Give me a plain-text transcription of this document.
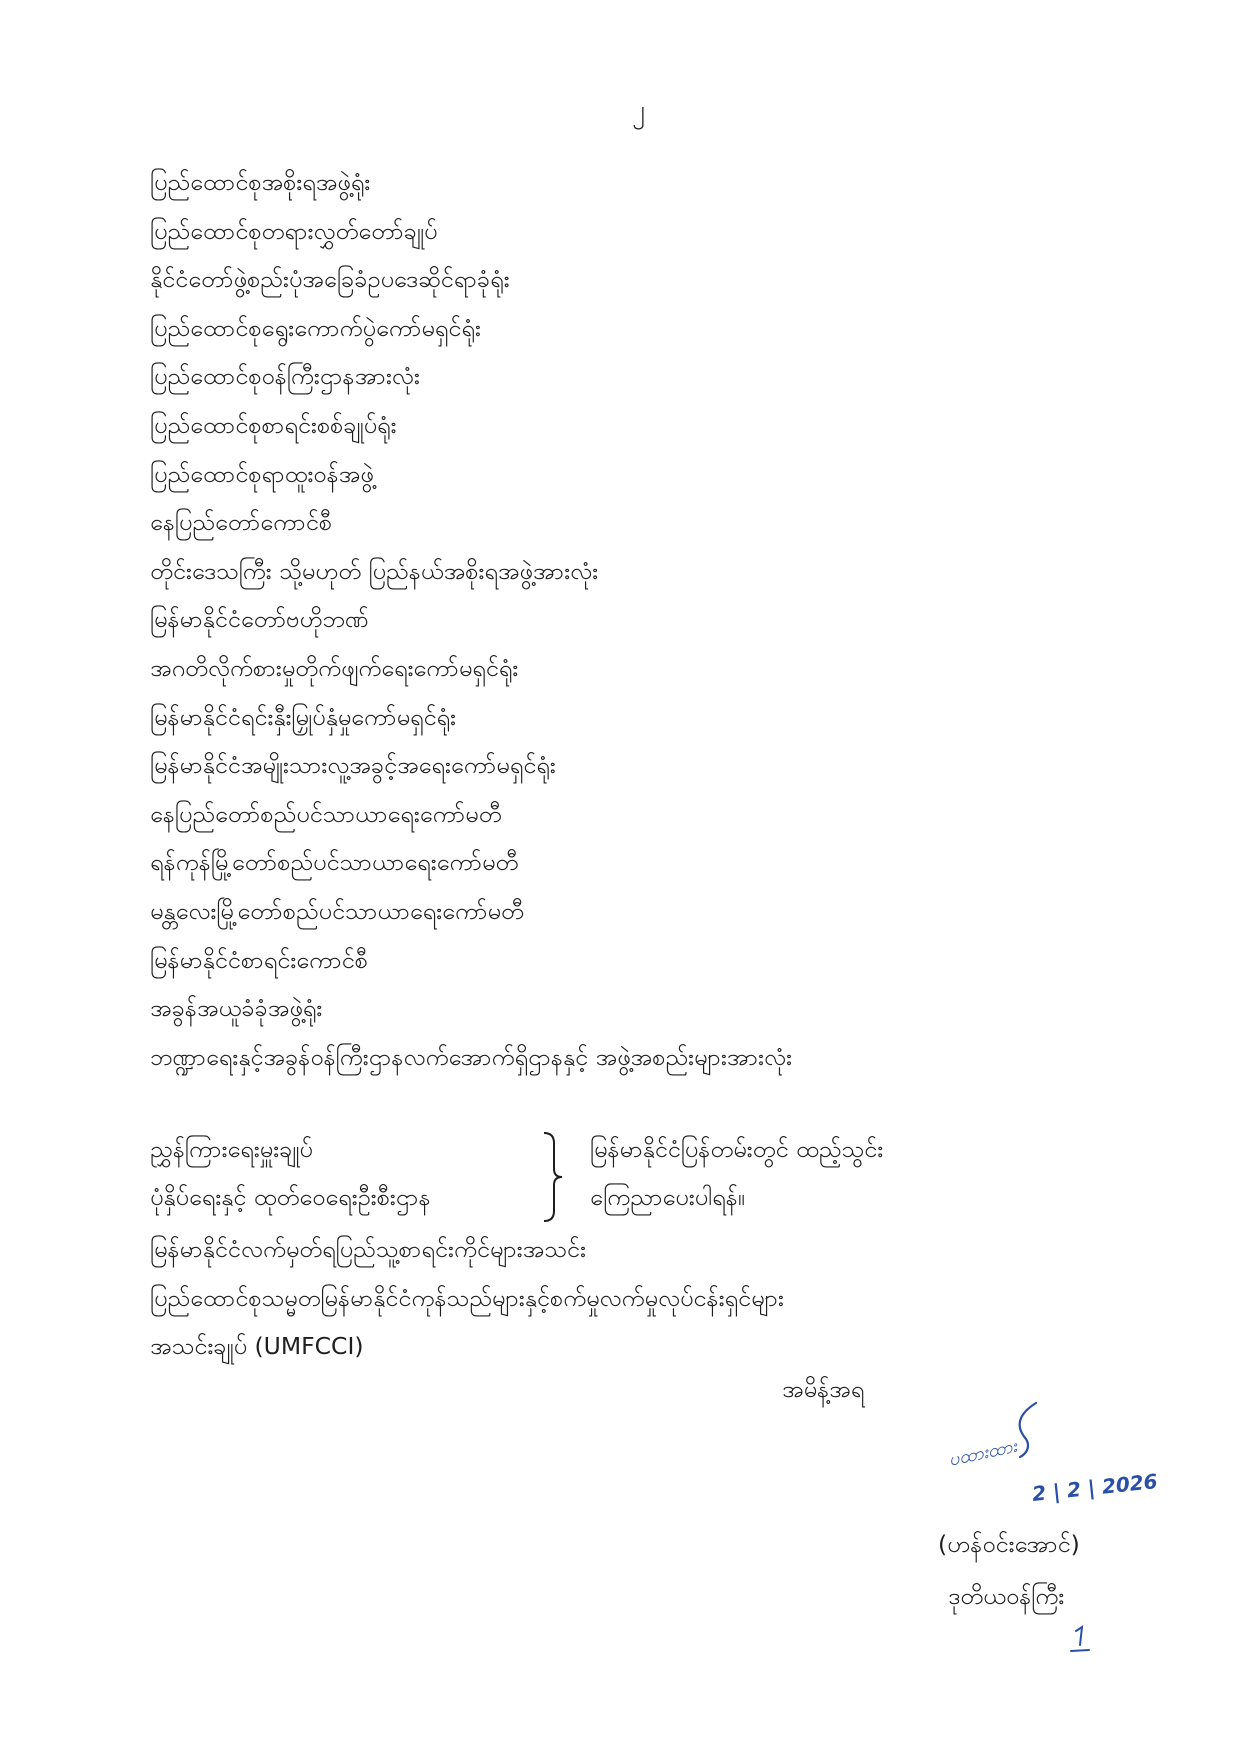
၂
ပြည်ထောင်စုအစိုးရအဖွဲ့ရုံး
ပြည်ထောင်စုတရားလွှတ်တော်ချုပ်
နိုင်ငံတော်ဖွဲ့စည်းပုံအခြေခံဥပဒေဆိုင်ရာခုံရုံး
ပြည်ထောင်စုရွေးကောက်ပွဲကော်မရှင်ရုံး
ပြည်ထောင်စုဝန်ကြီးဌာနအားလုံး
ပြည်ထောင်စုစာရင်းစစ်ချုပ်ရုံး
ပြည်ထောင်စုရာထူးဝန်အဖွဲ့
နေပြည်တော်ကောင်စီ
တိုင်းဒေသကြီး သို့မဟုတ် ပြည်နယ်အစိုးရအဖွဲ့အားလုံး
မြန်မာနိုင်ငံတော်ဗဟိုဘဏ်
အဂတိလိုက်စားမှုတိုက်ဖျက်ရေးကော်မရှင်ရုံး
မြန်မာနိုင်ငံရင်းနှီးမြှုပ်နှံမှုကော်မရှင်ရုံး
မြန်မာနိုင်ငံအမျိုးသားလူ့အခွင့်အရေးကော်မရှင်ရုံး
နေပြည်တော်စည်ပင်သာယာရေးကော်မတီ
ရန်ကုန်မြို့တော်စည်ပင်သာယာရေးကော်မတီ
မန္တလေးမြို့တော်စည်ပင်သာယာရေးကော်မတီ
မြန်မာနိုင်ငံစာရင်းကောင်စီ
အခွန်အယူခံခုံအဖွဲ့ရုံး
ဘဏ္ဍာရေးနှင့်အခွန်ဝန်ကြီးဌာနလက်အောက်ရှိဌာနနှင့် အဖွဲ့အစည်းများအားလုံး
ညွှန်ကြားရေးမှူးချုပ်
ပုံနှိပ်ရေးနှင့် ထုတ်ဝေရေးဦးစီးဌာန
မြန်မာနိုင်ငံပြန်တမ်းတွင် ထည့်သွင်း
ကြေညာပေးပါရန်။
မြန်မာနိုင်ငံလက်မှတ်ရပြည်သူ့စာရင်းကိုင်များအသင်း
ပြည်ထောင်စုသမ္မတမြန်မာနိုင်ငံကုန်သည်များနှင့်စက်မှုလက်မှုလုပ်ငန်းရှင်များ
အသင်းချုပ် (UMFCCI)
အမိန့်အရ
ပထားထား
2 | 2 | 2026
(ဟန်ဝင်းအောင်)
ဒုတိယဝန်ကြီး
